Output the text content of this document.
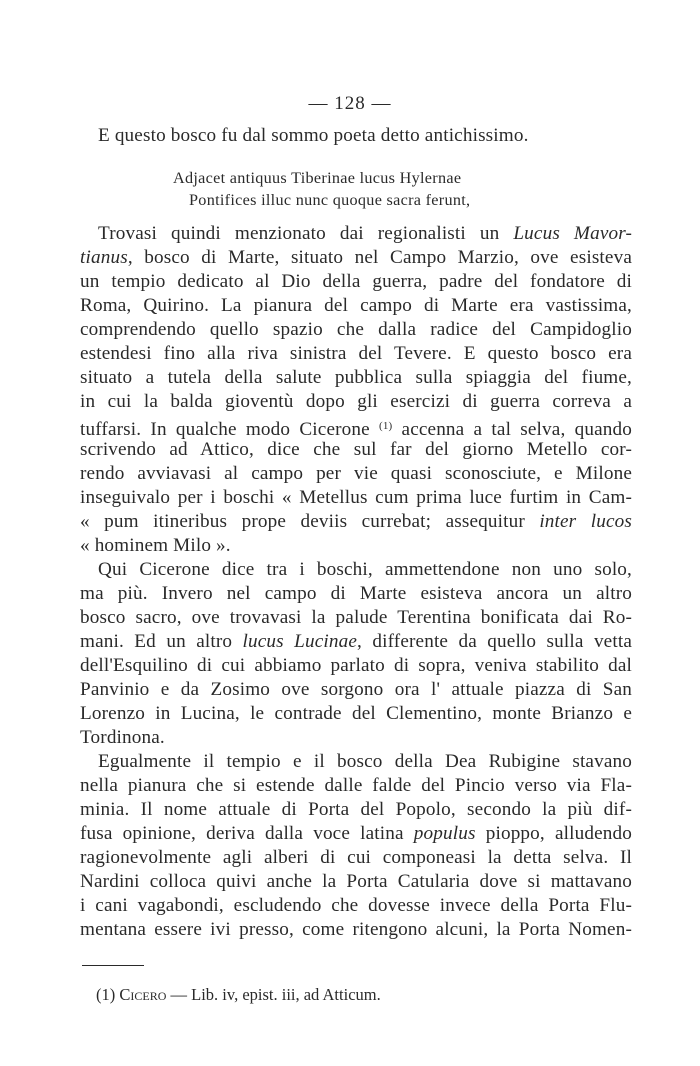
— 128 —
E questo bosco fu dal sommo poeta detto antichissimo.
Adjacet antiquus Tiberinae lucus Hylernae
Pontifices illuc nunc quoque sacra ferunt,
Trovasi quindi menzionato dai regionalisti un Lucus Mavor-
tianus, bosco di Marte, situato nel Campo Marzio, ove esisteva
un tempio dedicato al Dio della guerra, padre del fondatore di
Roma, Quirino. La pianura del campo di Marte era vastissima,
comprendendo quello spazio che dalla radice del Campidoglio
estendesi fino alla riva sinistra del Tevere. E questo bosco era
situato a tutela della salute pubblica sulla spiaggia del fiume,
in cui la balda gioventù dopo gli esercizi di guerra correva a
tuffarsi. In qualche modo Cicerone $^{(1)}$ accenna a tal selva, quando
scrivendo ad Attico, dice che sul far del giorno Metello cor-
rendo avviavasi al campo per vie quasi sconosciute, e Milone
inseguivalo per i boschi « Metellus cum prima luce furtim in Cam-
« pum itineribus prope deviis currebat; assequitur inter lucos
« hominem Milo ».
Qui Cicerone dice tra i boschi, ammettendone non uno solo,
ma più. Invero nel campo di Marte esisteva ancora un altro
bosco sacro, ove trovavasi la palude Terentina bonificata dai Ro-
mani. Ed un altro lucus Lucinae, differente da quello sulla vetta
dell'Esquilino di cui abbiamo parlato di sopra, veniva stabilito dal
Panvinio e da Zosimo ove sorgono ora l' attuale piazza di San
Lorenzo in Lucina, le contrade del Clementino, monte Brianzo e
Tordinona.
Egualmente il tempio e il bosco della Dea Rubigine stavano
nella pianura che si estende dalle falde del Pincio verso via Fla-
minia. Il nome attuale di Porta del Popolo, secondo la più dif-
fusa opinione, deriva dalla voce latina populus pioppo, alludendo
ragionevolmente agli alberi di cui componeasi la detta selva. Il
Nardini colloca quivi anche la Porta Catularia dove si mattavano
i cani vagabondi, escludendo che dovesse invece della Porta Flu-
mentana essere ivi presso, come ritengono alcuni, la Porta Nomen-
(1) Cicero — Lib. iv, epist. iii, ad Atticum.
